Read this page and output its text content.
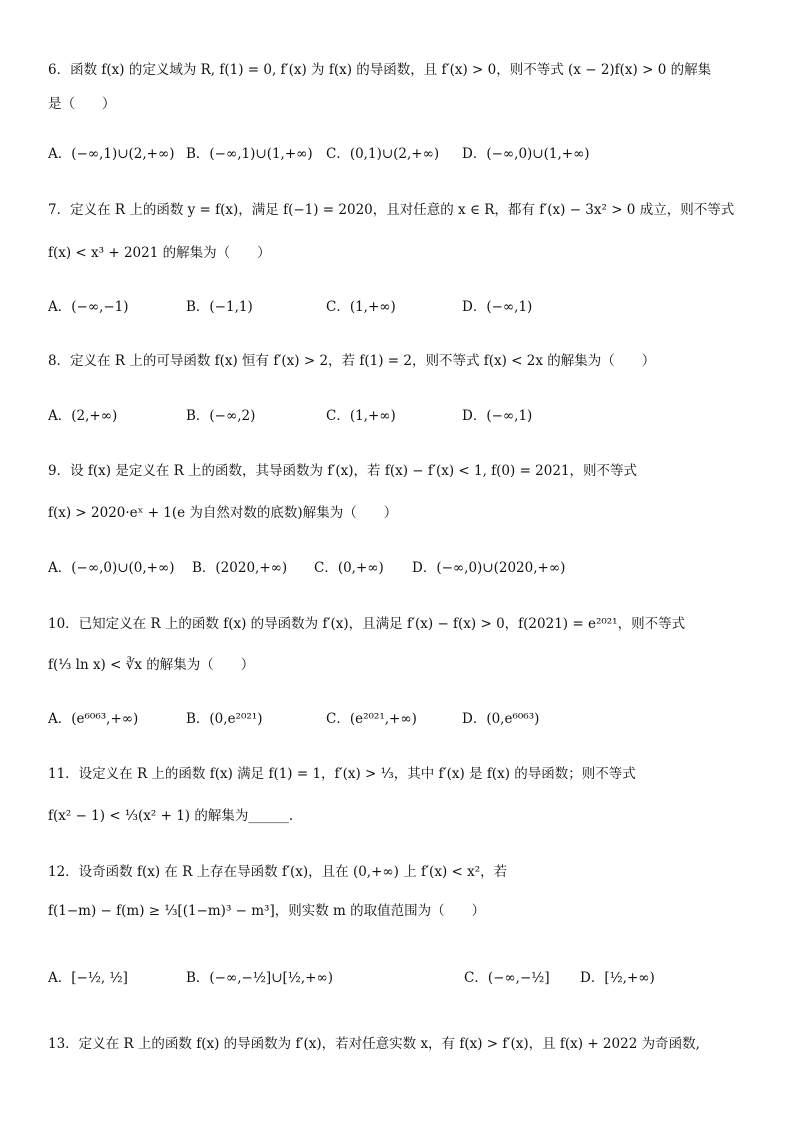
6．函数 f(x) 的定义域为 R, f(1) = 0, f′(x) 为 f(x) 的导函数，且 f′(x) > 0，则不等式 (x − 2)f(x) > 0 的解集
是（　　）
A．(−∞,1)∪(2,+∞) B．(−∞,1)∪(1,+∞) C．(0,1)∪(2,+∞) D．(−∞,0)∪(1,+∞)
7．定义在 R 上的函数 y = f(x)，满足 f(−1) = 2020，且对任意的 x ∈ R，都有 f′(x) − 3x² > 0 成立，则不等式
f(x) < x³ + 2021 的解集为（　　）
A．(−∞,−1)	B．(−1,1)	C．(1,+∞)	D．(−∞,1)
8．定义在 R 上的可导函数 f(x) 恒有 f′(x) > 2，若 f(1) = 2，则不等式 f(x) < 2x 的解集为（　　）
A．(2,+∞)	B．(−∞,2)	C．(1,+∞)	D．(−∞,1)
9．设 f(x) 是定义在 R 上的函数，其导函数为 f′(x)，若 f(x) − f′(x) < 1, f(0) = 2021，则不等式
f(x) > 2020·eˣ + 1(e 为自然对数的底数)解集为（　　）
A．(−∞,0)∪(0,+∞) B．(2020,+∞) C．(0,+∞) D．(−∞,0)∪(2020,+∞)
10．已知定义在 R 上的函数 f(x) 的导函数为 f′(x)，且满足 f′(x) − f(x) > 0，f(2021) = e²⁰²¹，则不等式
f(⅓ ln x) < ∛x 的解集为（　　）
A．(e⁶⁰⁶³,+∞)	B．(0,e²⁰²¹)	C．(e²⁰²¹,+∞)	D．(0,e⁶⁰⁶³)
11．设定义在 R 上的函数 f(x) 满足 f(1) = 1，f′(x) > ⅓，其中 f′(x) 是 f(x) 的导函数；则不等式
f(x² − 1) < ⅓(x² + 1) 的解集为______.
12．设奇函数 f(x) 在 R 上存在导函数 f′(x)，且在 (0,+∞) 上 f′(x) < x²，若
f(1−m) − f(m) ≥ ⅓[(1−m)³ − m³]，则实数 m 的取值范围为（　　）
A．[−½, ½]	B．(−∞,−½]∪[½,+∞)	C．(−∞,−½] D．[½,+∞)
13．定义在 R 上的函数 f(x) 的导函数为 f′(x)，若对任意实数 x，有 f(x) > f′(x)，且 f(x) + 2022 为奇函数,
